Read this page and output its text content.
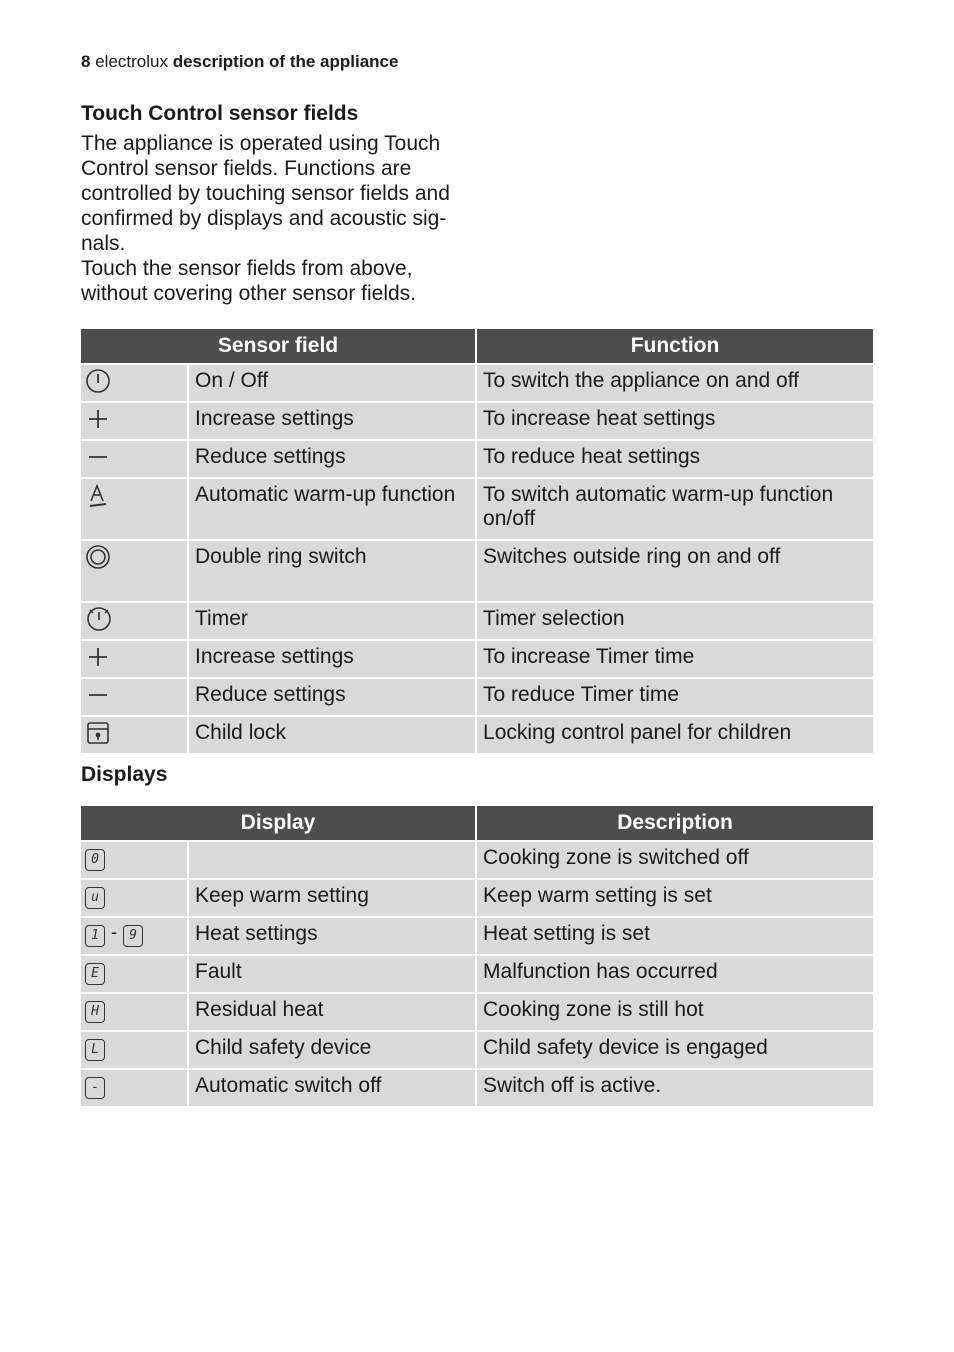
8 electrolux description of the appliance
Touch Control sensor fields

The appliance is operated using Touch Control sensor fields. Functions are controlled by touching sensor fields and confirmed by displays and acoustic sig-nals.

Touch the sensor fields from above, without covering other sensor fields.

Sensor field		Function

	On / Off	To switch the appliance on and off

	Increase settings	To increase heat settings

	Reduce settings	To reduce heat settings

	Automatic warm-up function	To switch automatic warm-up function on/off

	Double ring switch	Switches outside ring on and off

	Timer	Timer selection

	Increase settings	To increase Timer time

	Reduce settings	To reduce Timer time

	Child lock	Locking control panel for children
Displays
Display		Description
0		Cooking zone is switched off
u	Keep warm setting	Keep warm setting is set
1 - 9	Heat settings	Heat setting is set
E	Fault	Malfunction has occurred
H	Residual heat	Cooking zone is still hot
L	Child safety device	Child safety device is engaged
-	Automatic switch off	Switch off is active.
